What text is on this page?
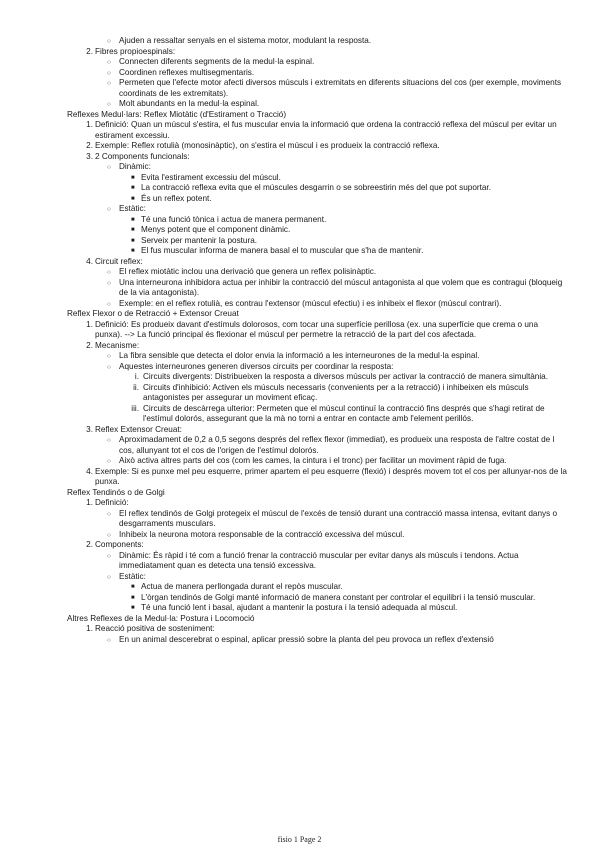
○ Ajuden a ressaltar senyals en el sistema motor, modulant la resposta.
2. Fibres propioespinals:
○ Connecten diferents segments de la medul·la espinal.
○ Coordinen reflexes multisegmentaris.
○ Permeten que l'efecte motor afecti diversos músculs i extremitats en diferents situacions del cos (per exemple, moviments coordinats de les extremitats).
○ Molt abundants en la medul·la espinal.

Reflexes Medul·lars: Reflex Miotàtic (d'Estirament o Tracció)

1. Definició: Quan un múscul s'estira, el fus muscular envia la informació que ordena la contracció reflexa del múscul per evitar un estirament excessiu.
2. Exemple: Reflex rotulià (monosinàptic), on s'estira el múscul i es produeix la contracció reflexa.
3. 2 Components funcionals:
○ Dinàmic:
■ Evita l'estirament excessiu del múscul.
■ La contracció reflexa evita que el múscules desgarrin o se sobreestirin més del que pot suportar.
■ És un reflex potent.
○ Estàtic:
■ Té una funció tònica i actua de manera permanent.
■ Menys potent que el component dinàmic.
■ Serveix per mantenir la postura.
■ El fus muscular informa de manera basal el to muscular que s'ha de mantenir.
4. Circuit reflex:
○ El reflex miotàtic inclou una derivació que genera un reflex polisinàptic.
○ Una interneurona inhibidora actua per inhibir la contracció del múscul antagonista al que volem que es contragui (bloqueig de la via antagonista).
○ Exemple: en el reflex rotulià, es contrau l'extensor (múscul efectiu) i es inhibeix el flexor (múscul contrari).

Reflex Flexor o de Retracció + Extensor Creuat

1. Definició: Es produeix davant d'estímuls dolorosos, com tocar una superfície perillosa (ex. una superfície que crema o una punxa). --> La funció principal és flexionar el múscul per permetre la retracció de la part del cos afectada.
2. Mecanisme:
○ La fibra sensible que detecta el dolor envia la informació a les interneurones de la medul·la espinal.
○ Aquestes interneurones generen diversos circuits per coordinar la resposta:
i. Circuits divergents: Distribueixen la resposta a diversos músculs per activar la contracció de manera simultània.
ii. Circuits d'inhibició: Activen els músculs necessaris (convenients per a la retracció) i inhibeixen els músculs antagonistes per assegurar un moviment eficaç.
iii. Circuits de descàrrega ulterior: Permeten que el múscul continuï la contracció fins després que s'hagi retirat de l'estímul dolorós, assegurant que la mà no torni a entrar en contacte amb l'element perillós.
3. Reflex Extensor Creuat:
○ Aproximadament de 0,2 a 0,5 segons després del reflex flexor (immediat), es produeix una resposta de l'altre costat de l cos, allunyant tot el cos de l'origen de l'estímul dolorós.
○ Això activa altres parts del cos (com les cames, la cintura i el tronc) per facilitar un moviment ràpid de fuga.
4. Exemple: Si es punxe mel peu esquerre, primer apartem el peu esquerre (flexió) i després movem tot el cos per allunyar-nos de la punxa.

Reflex Tendinós o de Golgi

1. Definició:
○ El reflex tendinós de Golgi protegeix el múscul de l'excés de tensió durant una contracció massa intensa, evitant danys o desgarraments musculars.
○ Inhibeix la neurona motora responsable de la contracció excessiva del múscul.
2. Components:
○ Dinàmic: És ràpid i té com a funció frenar la contracció muscular per evitar danys als músculs i tendons. Actua immediatament quan es detecta una tensió excessiva.
○ Estàtic:
■ Actua de manera perllongada durant el repòs muscular.
■ L'òrgan tendinós de Golgi manté informació de manera constant per controlar el equilibri i la tensió muscular.
■ Té una funció lent i basal, ajudant a mantenir la postura i la tensió adequada al múscul.

Altres Reflexes de la Medul·la: Postura i Locomoció

1. Reacció positiva de sosteniment:
○ En un animal descerebrat o espinal, aplicar pressió sobre la planta del peu provoca un reflex d'extensió
fisio 1 Page 2
